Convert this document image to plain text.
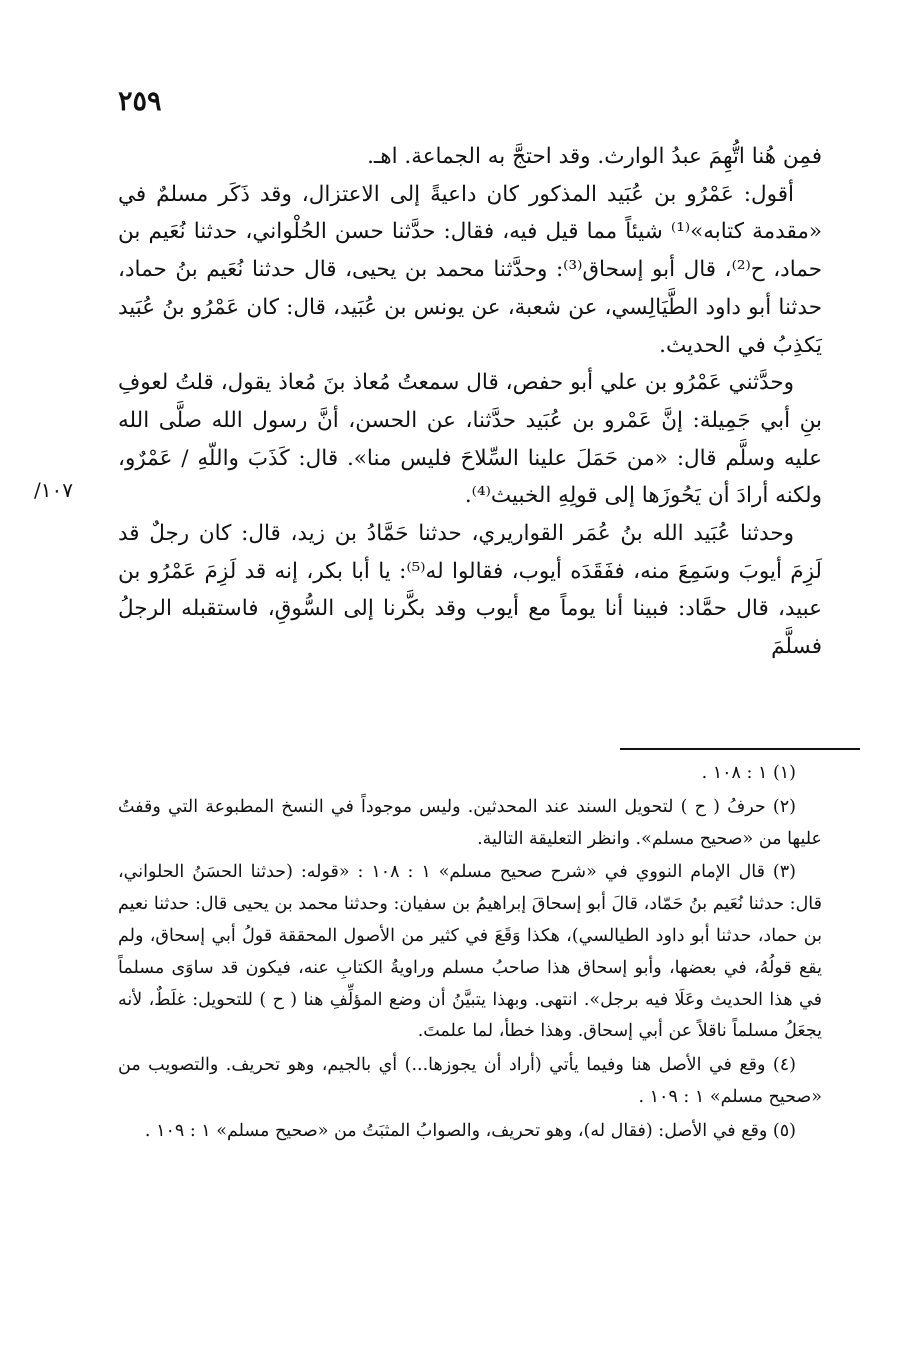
٢٥٩
١٠٧/

فمِن هُنا اتُّهِمَ عبدُ الوارث. وقد احتجَّ به الجماعة. اهـ.

أقول: عَمْرُو بن عُبَيد المذكور كان داعيةً إلى الاعتزال، وقد ذَكَر مسلمٌ في «مقدمة كتابه»⁽¹⁾ شيئاً مما قيل فيه، فقال: حدَّثنا حسن الحُلْواني، حدثنا نُعَيم بن حماد، ح⁽²⁾، قال أبو إسحاق⁽³⁾: وحدَّثنا محمد بن يحيى، قال حدثنا نُعَيم بنُ حماد، حدثنا أبو داود الطَّيَالِسي، عن شعبة، عن يونس بن عُبَيد، قال: كان عَمْرُو بنُ عُبَيد يَكذِبُ في الحديث.

وحدَّثني عَمْرُو بن علي أبو حفص، قال سمعتُ مُعاذ بنَ مُعاذ يقول، قلتُ لعوفِ بنِ أبي جَمِيلة: إنَّ عَمْرو بن عُبَيد حدَّثنا، عن الحسن، أنَّ رسول الله صلَّى الله عليه وسلَّم قال: «من حَمَلَ علينا السِّلاحَ فليس منا». قال: كَذَبَ واللّهِ / عَمْرٌو، ولكنه أرادَ أن يَحُوزَها إلى قولِهِ الخبيث⁽⁴⁾.

وحدثنا عُبَيد الله بنُ عُمَر القواريري، حدثنا حَمَّادُ بن زيد، قال: كان رجلٌ قد لَزِمَ أيوبَ وسَمِعَ منه، ففَقَدَه أيوب، فقالوا له⁽⁵⁾: يا أبا بكر، إنه قد لَزِمَ عَمْرُو بن عبيد، قال حمَّاد: فبينا أنا يوماً مع أيوب وقد بكَّرنا إلى السُّوقِ، فاستقبله الرجلُ فسلَّمَ

(١) ١ : ١٠٨ .

(٢) حرفُ ( ح ) لتحويل السند عند المحدثين. وليس موجوداً في النسخ المطبوعة التي وقفتُ عليها من «صحيح مسلم». وانظر التعليقة التالية.

(٣) قال الإمام النووي في «شرح صحيح مسلم» ١ : ١٠٨ : «قوله: (حدثنا الحسَنُ الحلواني، قال: حدثنا نُعَيم بنُ حَمّاد، قالَ أبو إسحاقَ إبراهيمُ بن سفيان: وحدثنا محمد بن يحيى قال: حدثنا نعيم بن حماد، حدثنا أبو داود الطيالسي)، هكذا وَقَعَ في كثير من الأصول المحققة قولُ أبي إسحاق، ولم يقع قولُهُ، في بعضها، وأبو إسحاق هذا صاحبُ مسلم وراويةُ الكتابِ عنه، فيكون قد ساوَى مسلماً في هذا الحديث وعَلَا فيه برجل». انتهى. وبهذا يتبيَّنُ أن وضع المؤلِّفِ هنا ( ح ) للتحويل: غلَطٌ، لأنه يجعَلُ مسلماً ناقلاً عن أبي إسحاق. وهذا خطأ، لما علمتَ.

(٤) وقع في الأصل هنا وفيما يأتي (أراد أن يجوزها...) أي بالجيم، وهو تحريف. والتصويب من «صحيح مسلم» ١ : ١٠٩ .

(٥) وقع في الأصل: (فقال له)، وهو تحريف، والصوابُ المثبَتُ من «صحيح مسلم» ١ : ١٠٩ .
